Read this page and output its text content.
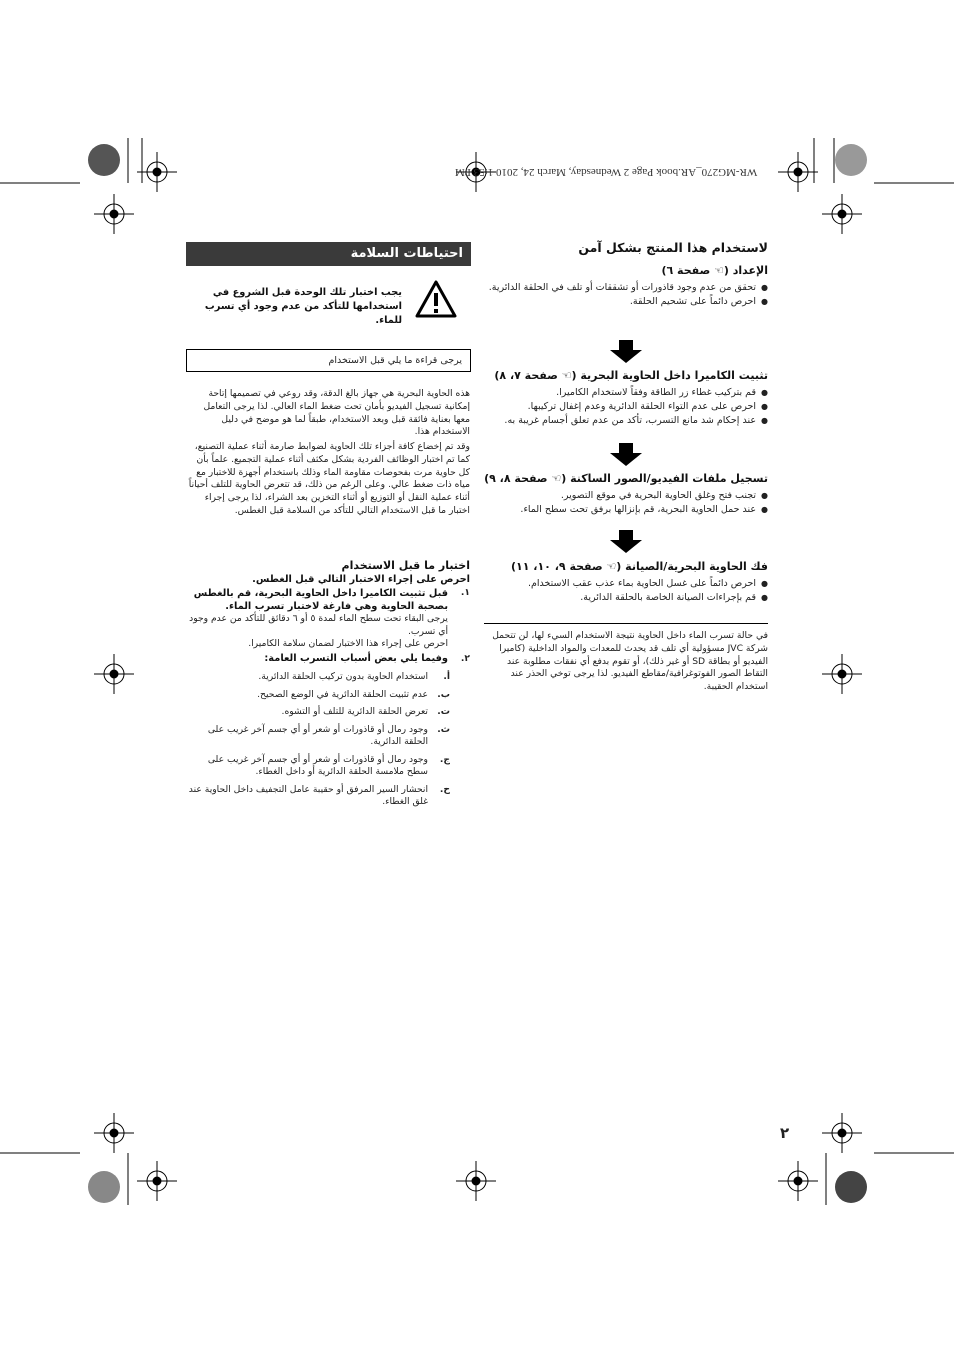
WR-MG270_AR.book Page 2 Wednesday, March 24, 2010 1:53 PM
لاستخدام هذا المنتج بشكل آمن
الإعداد (☜ صفحة ٦)
● تحقق من عدم وجود قاذورات أو تشققات أو تلف في الحلقة الدائرية.
● احرص دائماً على تشحيم الحلقة.
تثبيت الكاميرا داخل الحاوية البحرية (☜ صفحة ٧، ٨)
● قم بتركيب غطاء زر الطاقة وفقاً لاستخدام الكاميرا.
● احرص على عدم التواء الحلقة الدائرية وعدم إغفال تركيبها.
● عند إحكام شد مانع التسرب، تأكد من عدم تعلق أجسام غريبة به.
تسجيل ملفات الفيديو/الصور الساكنة (☜ صفحة ٨، ٩)
● تجنب فتح وغلق الحاوية البحرية في موقع التصوير.
● عند حمل الحاوية البحرية، قم بإنزالها برفق تحت سطح الماء.
فك الحاوية البحرية/الصيانة (☜ صفحة ٩، ١٠، ١١)
● احرص دائماً على غسل الحاوية بماء عذب عقب الاستخدام.
● قم بإجراءات الصيانة الخاصة بالحلقة الدائرية.
في حالة تسرب الماء داخل الحاوية نتيجة الاستخدام السيء لها، لن تتحمل شركة JVC مسؤولية أي تلف قد يحدث للمعدات والمواد الداخلية (كاميرا الفيديو أو بطاقة SD أو غير ذلك)، أو تقوم بدفع أي نفقات مطلوبة عند التقاط الصور الفوتوغرافية/مقاطع الفيديو. لذا يرجى توخي الحذر عند استخدام الحقيبة.
احتياطات السلامة
يجب اختبار تلك الوحدة قبل الشروع في استخدامها للتأكد من عدم وجود أي تسرب للماء.
يرجى قراءة ما يلي قبل الاستخدام
هذه الحاوية البحرية هي جهاز بالغ الدقة، وقد روعي في تصميمها إتاحة إمكانية تسجيل الفيديو بأمان تحت ضغط الماء العالي. لذا يرجى التعامل معها بعناية فائقة قبل وبعد الاستخدام، طبقاً لما هو موضح في دليل الاستخدام هذا.
وقد تم إخضاع كافة أجزاء تلك الحاوية لضوابط صارمة أثناء عملية التصنيع، كما تم اختبار الوظائف الفردية بشكل مكثف أثناء عملية التجميع. علماً بأن كل حاوية مرت بفحوصات مقاومة الماء وذلك باستخدام أجهزة للاختبار مع مياه ذات ضغط عالي. وعلى الرغم من ذلك، قد تتعرض الحاوية للتلف أحياناً أثناء عملية النقل أو التوزيع أو أثناء التخزين بعد الشراء، لذا يرجى إجراء اختبار ما قبل الاستخدام التالي للتأكد من السلامة قبل الغطس.
اختبار ما قبل الاستخدام
احرص على إجراء الاختبار التالي قبل الغطس.
١.
قبل تثبيت الكاميرا داخل الحاوية البحرية، قم بالغطس بصحبة الحاوية وهي فارغة لاختبار تسرب الماء.
يرجى البقاء تحت سطح الماء لمدة ٥ أو ٦ دقائق للتأكد من عدم وجود أي تسرب.
احرص على إجراء هذا الاختبار لضمان سلامة الكاميرا.
٢.
وفيما يلي بعض أسباب التسرب العامة:
أ.
استخدام الحاوية بدون تركيب الحلقة الدائرية.
ب.
عدم تثبيت الحلقة الدائرية في الوضع الصحيح.
ت.
تعرض الحلقة الدائرية للتلف أو التشوه.
ث.
وجود رمال أو قاذورات أو شعر أو أي جسم آخر غريب على الحلقة الدائرية.
ج.
وجود رمال أو قاذورات أو شعر أو أي جسم آخر غريب على سطح ملامسة الحلقة الدائرية أو داخل الغطاء.
ح.
انحشار السير المرفق أو حقيبة عامل التجفيف داخل الحاوية عند غلق الغطاء.
٢
